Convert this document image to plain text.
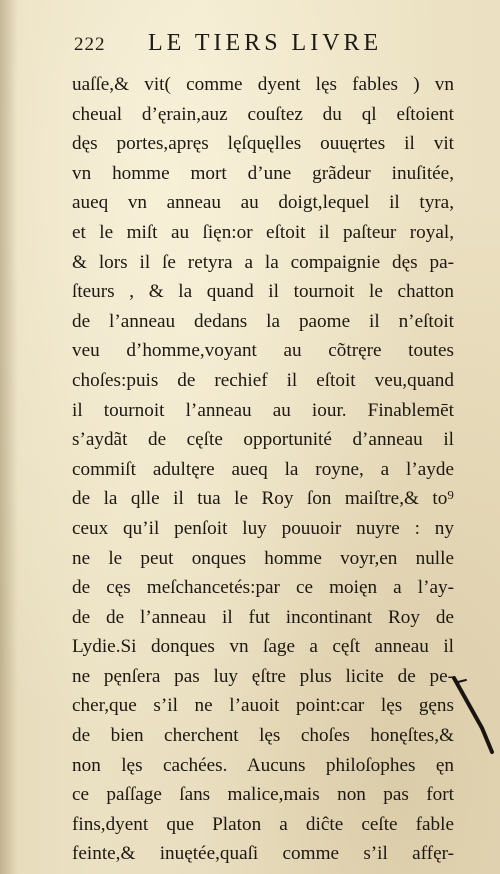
222 LE TIERS LIVRE
uaſſe,& vit( comme dyent lęs fables ) vn
cheual d’ęrain,auz couſtez du ql eſtoient
dęs portes,apręs lęſquęlles ouuęrtes il vit
vn homme mort d’une grãdeur inuſitée,
aueq vn anneau au doigt,lequel il tyra,
et le miſt au ſięn:or eſtoit il paſteur royal,
& lors il ſe retyra a la compaignie dęs pa-
ſteurs , & la quand il tournoit le chatton
de l’anneau dedans la paome il n’eſtoit
veu d’homme,voyant au cõtręre toutes
choſes:puis de rechief il eſtoit veu,quand
il tournoit l’anneau au iour. Finablemēt
s’aydãt de cęſte opportunité d’anneau il
commiſt adultęre aueq la royne, a l’ayde
de la qlle il tua le Roy ſon maiſtre,& to⁹
ceux qu’il penſoit luy pouuoir nuyre : ny
ne le peut onques homme voyr,en nulle
de cęs meſchancetés:par ce moięn a l’ay-
de de l’anneau il fut incontinant Roy de
Lydie.Si donques vn ſage a cęſt anneau il
ne pęnſera pas luy ęſtre plus licite de pe-
cher,que s’il ne l’auoit point:car lęs gęns
de bien cherchent lęs choſes honęſtes,&
non lęs cachées. Aucuns philoſophes ęn
ce paſſage ſans malice,mais non pas fort
fins,dyent que Platon a diĉte ceſte fable
feinte,& inuętée,quaſi comme s’il affęr-
